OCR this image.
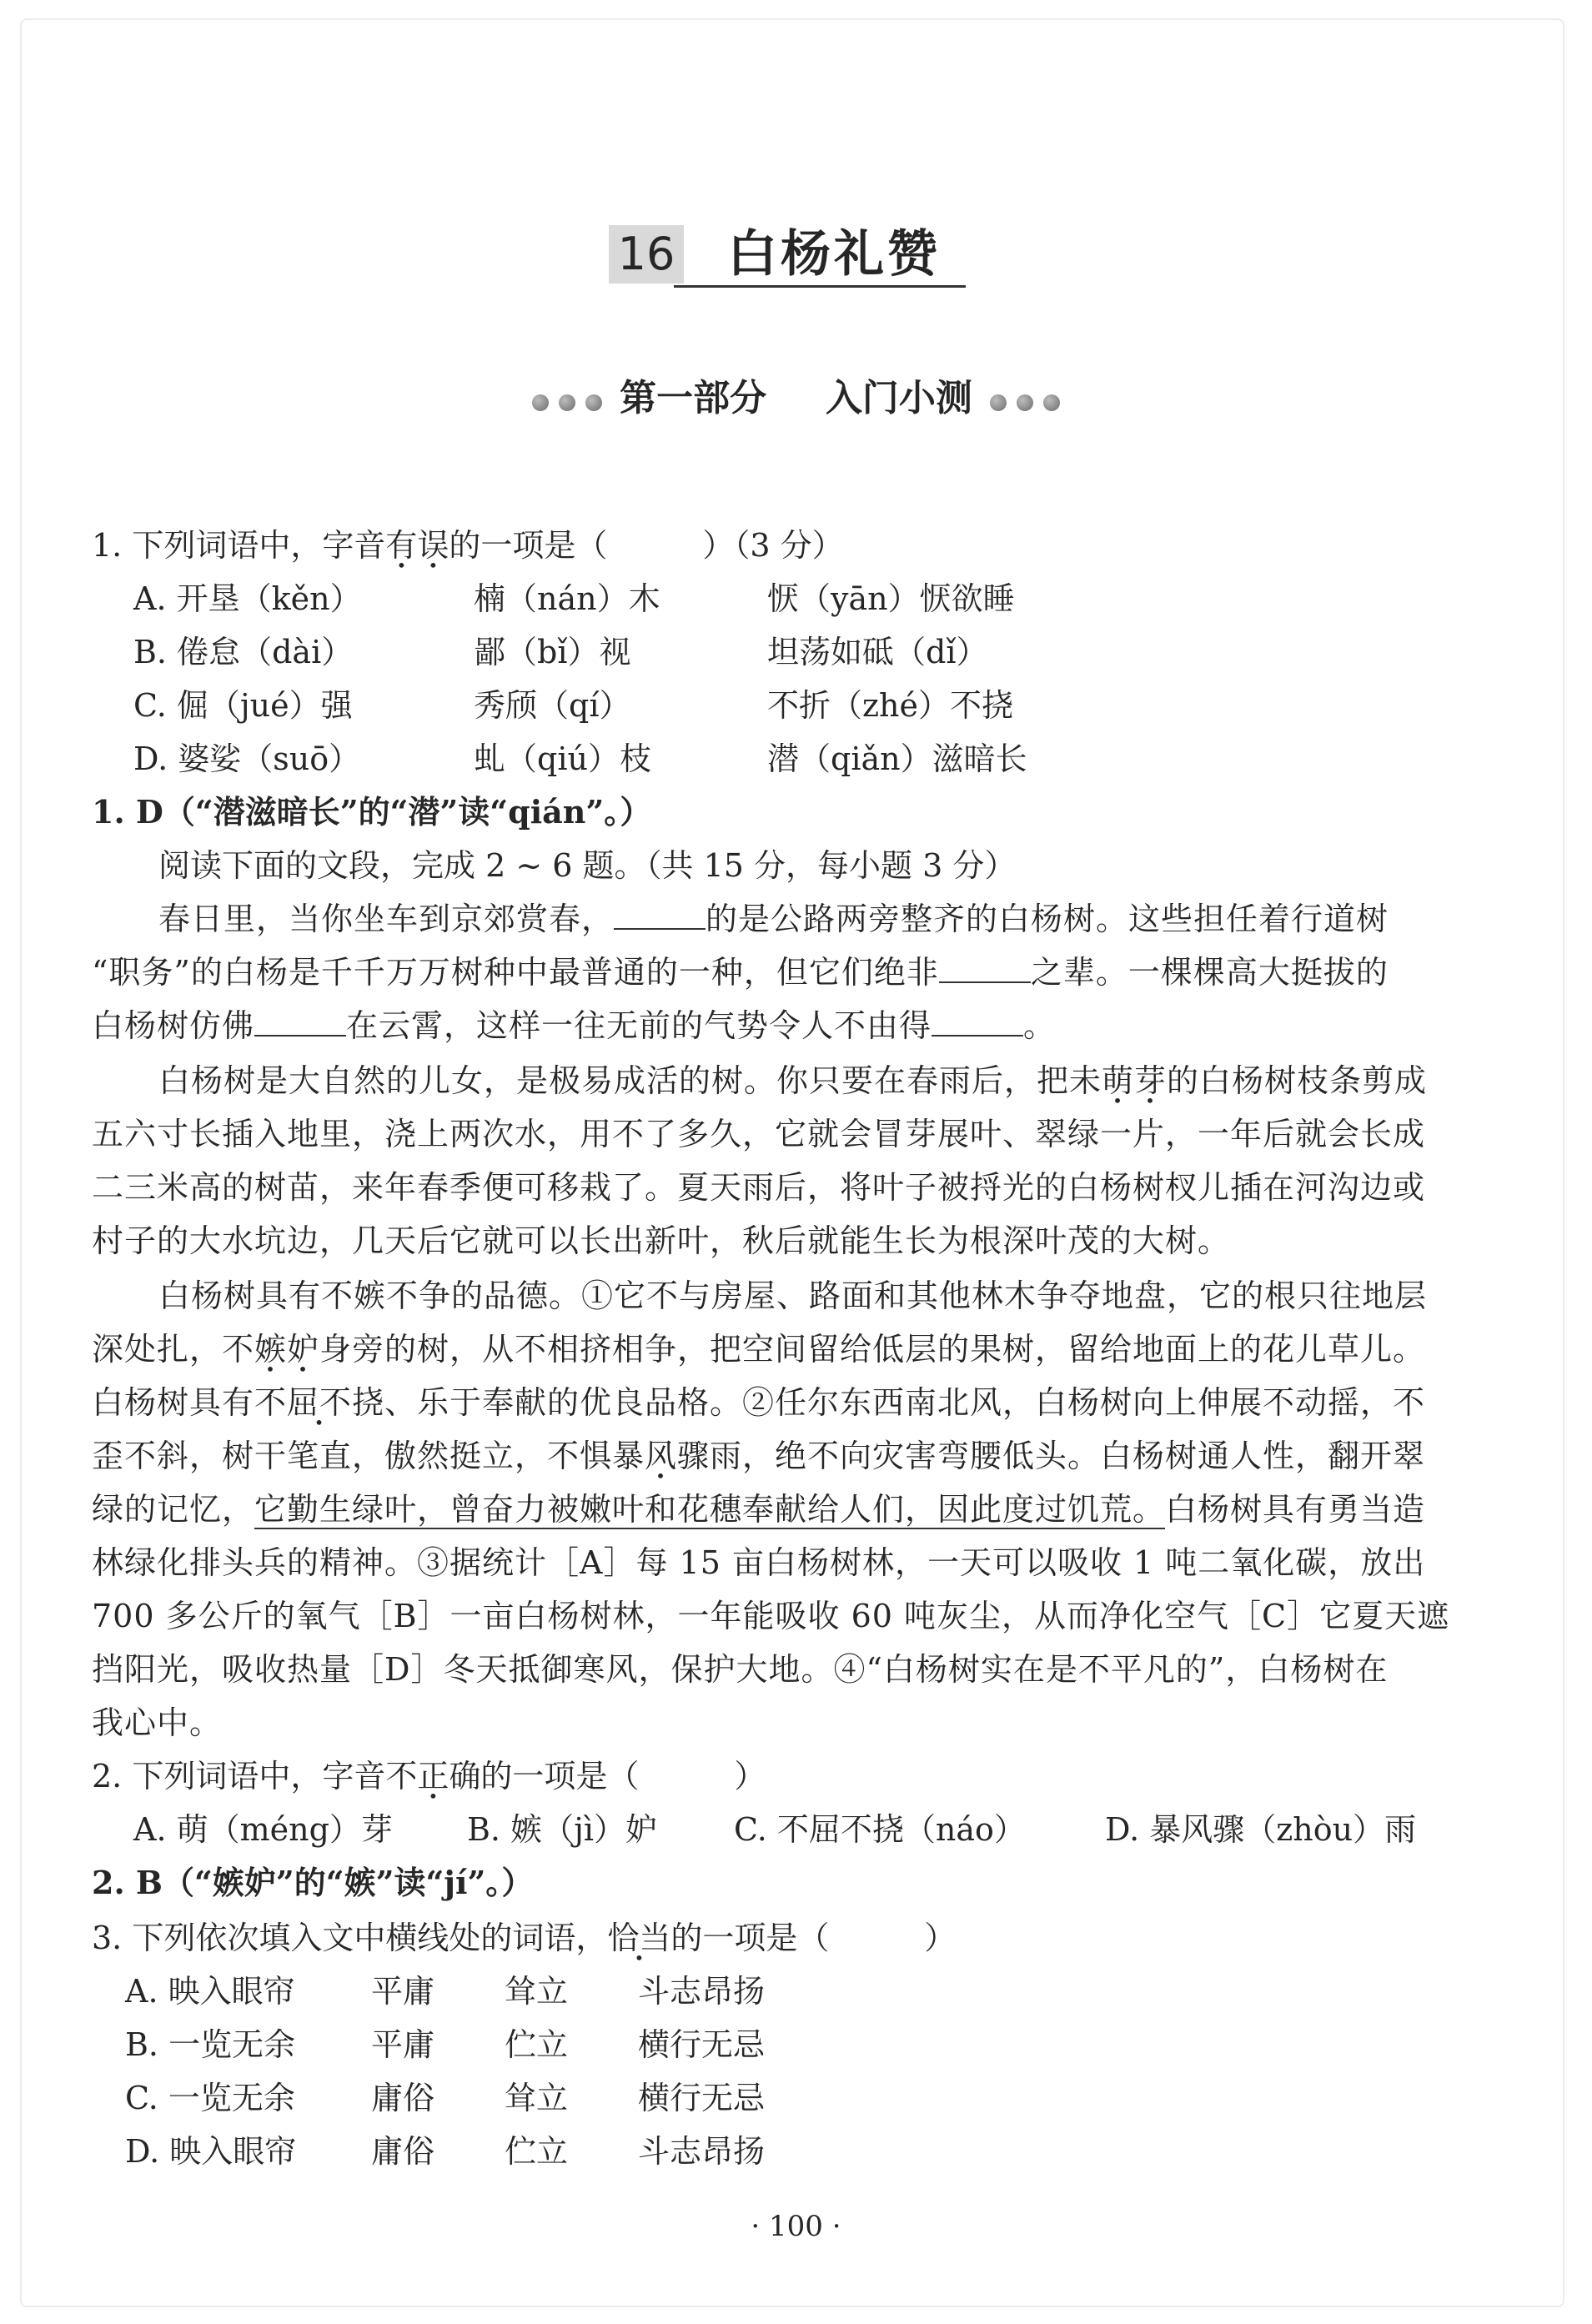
16 白杨礼赞
第一部分 入门小测
1. 下列词语中，字音有误的一项是（　　　）（3 分）
A. 开垦（kěn）	楠（nán）木	恹（yān）恹欲睡
B. 倦怠（dài）	鄙（bǐ）视	坦荡如砥（dǐ）
C. 倔（jué）强	秀颀（qí）	不折（zhé）不挠
D. 婆娑（suō）	虬（qiú）枝	潜（qiǎn）滋暗长
1. D（“潜滋暗长”的“潜”读“qián”。）
阅读下面的文段，完成 2 ~ 6 题。（共 15 分，每小题 3 分）
春日里，当你坐车到京郊赏春，	的是公路两旁整齐的白杨树。这些担任着行道树
“职务”的白杨是千千万万树种中最普通的一种，但它们绝非	之辈。一棵棵高大挺拔的
白杨树仿佛	在云霄，这样一往无前的气势令人不由得	。
白杨树是大自然的儿女，是极易成活的树。你只要在春雨后，把未萌芽的白杨树枝条剪成
五六寸长插入地里，浇上两次水，用不了多久，它就会冒芽展叶、翠绿一片，一年后就会长成
二三米高的树苗，来年春季便可移栽了。夏天雨后，将叶子被捋光的白杨树杈儿插在河沟边或
村子的大水坑边，几天后它就可以长出新叶，秋后就能生长为根深叶茂的大树。
白杨树具有不嫉不争的品德。①它不与房屋、路面和其他林木争夺地盘，它的根只往地层
深处扎，不嫉妒身旁的树，从不相挤相争，把空间留给低层的果树，留给地面上的花儿草儿。
白杨树具有不屈不挠、乐于奉献的优良品格。②任尔东西南北风，白杨树向上伸展不动摇，不
歪不斜，树干笔直，傲然挺立，不惧暴风骤雨，绝不向灾害弯腰低头。白杨树通人性，翻开翠
绿的记忆，它勤生绿叶，曾奋力被嫩叶和花穗奉献给人们，因此度过饥荒。白杨树具有勇当造
林绿化排头兵的精神。③据统计［A］每 15 亩白杨树林，一天可以吸收 1 吨二氧化碳，放出
700 多公斤的氧气［B］一亩白杨树林，一年能吸收 60 吨灰尘，从而净化空气［C］它夏天遮
挡阳光，吸收热量［D］冬天抵御寒风，保护大地。④“白杨树实在是不平凡的”，白杨树在
我心中。
2. 下列词语中，字音不正确的一项是（　　　）
A. 萌（méng）芽 B. 嫉（jì）妒 C. 不屈不挠（náo）	D. 暴风骤（zhòu）雨
2. B（“嫉妒”的“嫉”读“jí”。）
3. 下列依次填入文中横线处的词语，恰当的一项是（　　　）
A. 映入眼帘 平庸 耸立 斗志昂扬
B. 一览无余 平庸 伫立 横行无忌
C. 一览无余 庸俗 耸立 横行无忌
D. 映入眼帘 庸俗 伫立 斗志昂扬
· 100 ·
